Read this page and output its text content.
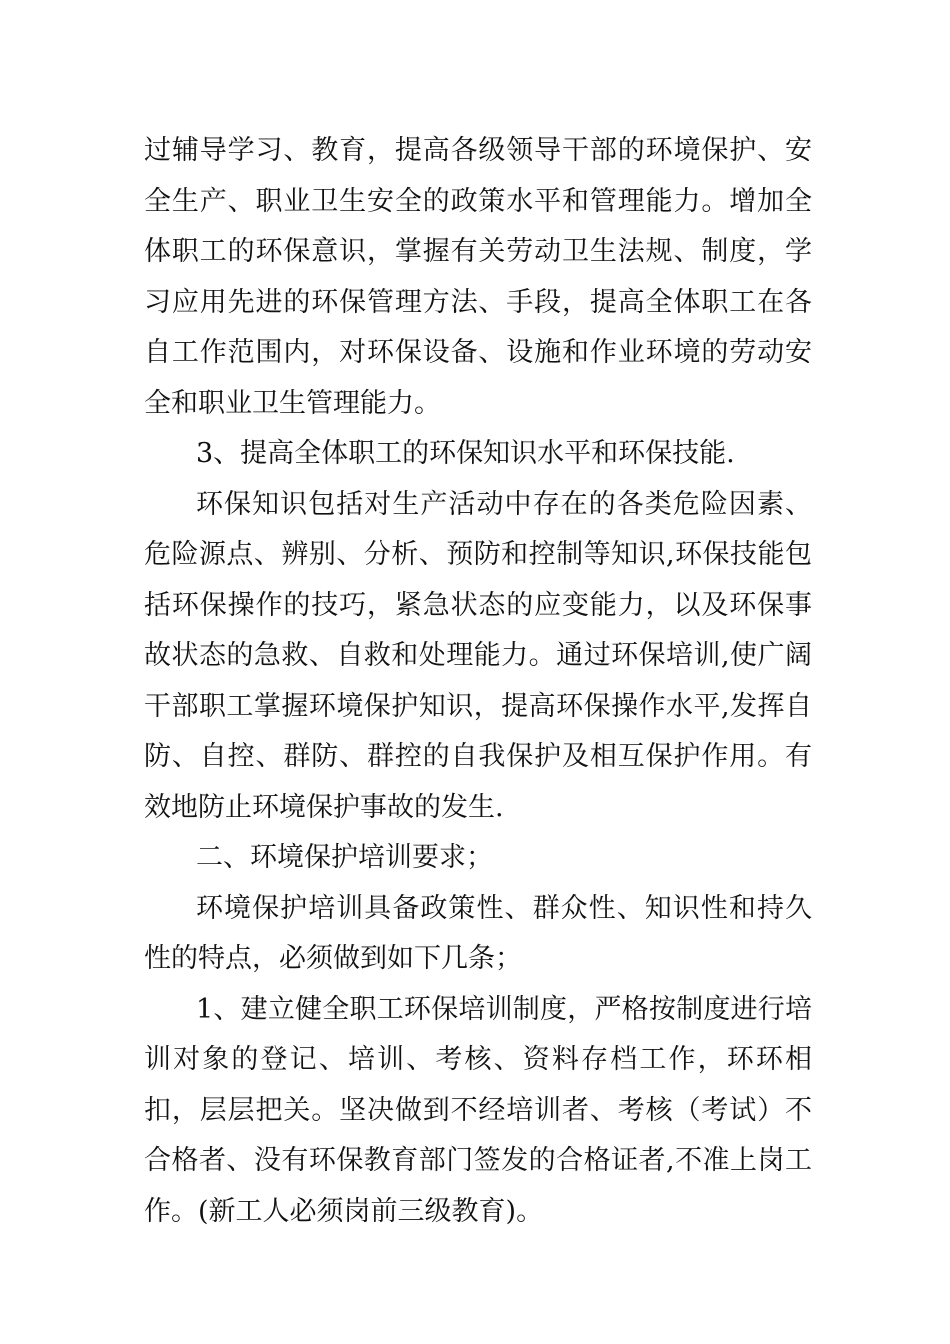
过辅导学习、教育，提高各级领导干部的环境保护、安全生产、职业卫生安全的政策水平和管理能力。增加全体职工的环保意识，掌握有关劳动卫生法规、制度，学习应用先进的环保管理方法、手段，提高全体职工在各自工作范围内，对环保设备、设施和作业环境的劳动安全和职业卫生管理能力。

3、提高全体职工的环保知识水平和环保技能.

环保知识包括对生产活动中存在的各类危险因素、危险源点、辨别、分析、预防和控制等知识,环保技能包括环保操作的技巧，紧急状态的应变能力，以及环保事故状态的急救、自救和处理能力。通过环保培训,使广阔干部职工掌握环境保护知识，提高环保操作水平,发挥自防、自控、群防、群控的自我保护及相互保护作用。有效地防止环境保护事故的发生.

二、环境保护培训要求；

环境保护培训具备政策性、群众性、知识性和持久性的特点，必须做到如下几条；

1、建立健全职工环保培训制度，严格按制度进行培训对象的登记、培训、考核、资料存档工作，环环相扣，层层把关。坚决做到不经培训者、考核（考试）不合格者、没有环保教育部门签发的合格证者,不准上岗工作。(新工人必须岗前三级教育)。
